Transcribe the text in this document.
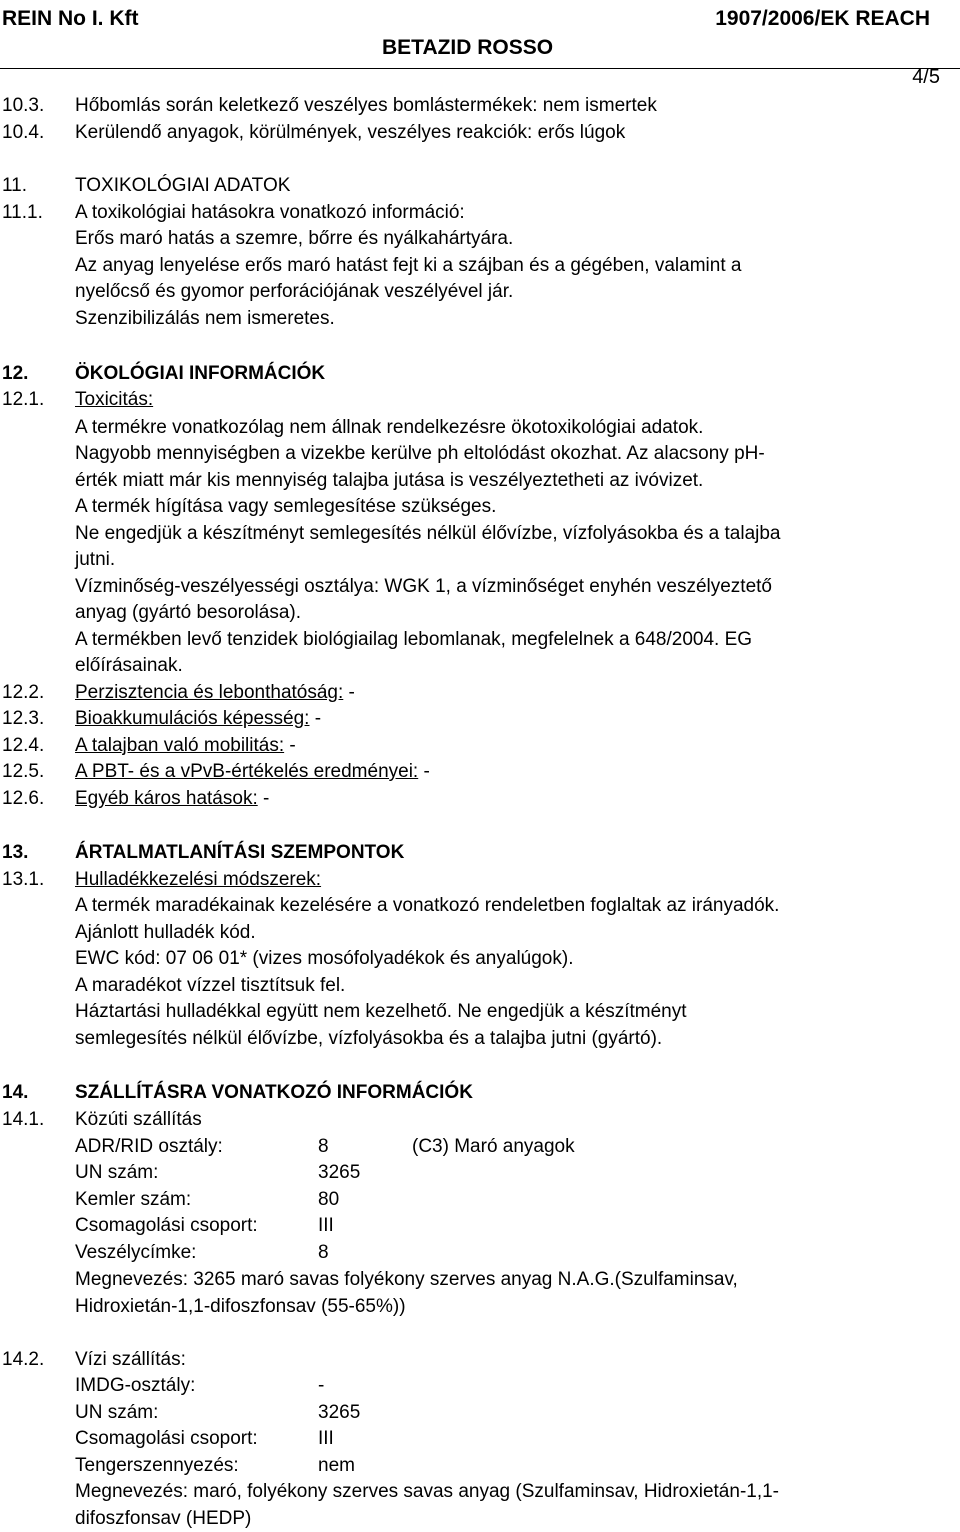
REIN No I. Kft	1907/2006/EK REACH
BETAZID ROSSO
4/5
10.3. Hőbomlás során keletkező veszélyes bomlástermékek: nem ismertek
10.4. Kerülendő anyagok, körülmények, veszélyes reakciók: erős lúgok
11.	TOXIKOLÓGIAI ADATOK
11.1. A toxikológiai hatásokra vonatkozó információ:
Erős maró hatás a szemre, bőrre és nyálkahártyára.
Az anyag lenyelése erős maró hatást fejt ki a szájban és a gégében, valamint a
nyelőcső és gyomor perforációjának veszélyével jár.
Szenzibilizálás nem ismeretes.
12. ÖKOLÓGIAI INFORMÁCIÓK
12.1. Toxicitás:
A termékre vonatkozólag nem állnak rendelkezésre ökotoxikológiai adatok.
Nagyobb mennyiségben a vizekbe kerülve ph eltolódást okozhat. Az alacsony pH-
érték miatt már kis mennyiség talajba jutása is veszélyeztetheti az ivóvizet.
A termék hígítása vagy semlegesítése szükséges.
Ne engedjük a készítményt semlegesítés nélkül élővízbe, vízfolyásokba és a talajba
jutni.
Vízminőség-veszélyességi osztálya: WGK 1, a vízminőséget enyhén veszélyeztető
anyag (gyártó besorolása).
A termékben levő tenzidek biológiailag lebomlanak, megfelelnek a 648/2004. EG
előírásainak.
12.2. Perzisztencia és lebonthatóság: -
12.3. Bioakkumulációs képesség: -
12.4. A talajban való mobilitás: -
12.5. A PBT- és a vPvB-értékelés eredményei: -
12.6. Egyéb káros hatások: -
13. ÁRTALMATLANÍTÁSI SZEMPONTOK
13.1. Hulladékkezelési módszerek:
A termék maradékainak kezelésére a vonatkozó rendeletben foglaltak az irányadók.
Ajánlott hulladék kód.
EWC kód: 07 06 01* (vizes mosófolyadékok és anyalúgok).
A maradékot vízzel tisztítsuk fel.
Háztartási hulladékkal együtt nem kezelhető. Ne engedjük a készítményt
semlegesítés nélkül élővízbe, vízfolyásokba és a talajba jutni (gyártó).
14. SZÁLLÍTÁSRA VONATKOZÓ INFORMÁCIÓK
14.1. Közúti szállítás
ADR/RID osztály:	8	(C3) Maró anyagok
UN szám:	3265
Kemler szám:	80
Csomagolási csoport:	III
Veszélycímke:	8
Megnevezés: 3265 maró savas folyékony szerves anyag N.A.G.(Szulfaminsav,
Hidroxietán-1,1-difoszfonsav (55-65%))
14.2. Vízi szállítás:
IMDG-osztály:	-
UN szám:	3265
Csomagolási csoport:	III
Tengerszennyezés:	nem
Megnevezés: maró, folyékony szerves savas anyag (Szulfaminsav, Hidroxietán-1,1-
difoszfonsav (HEDP)
